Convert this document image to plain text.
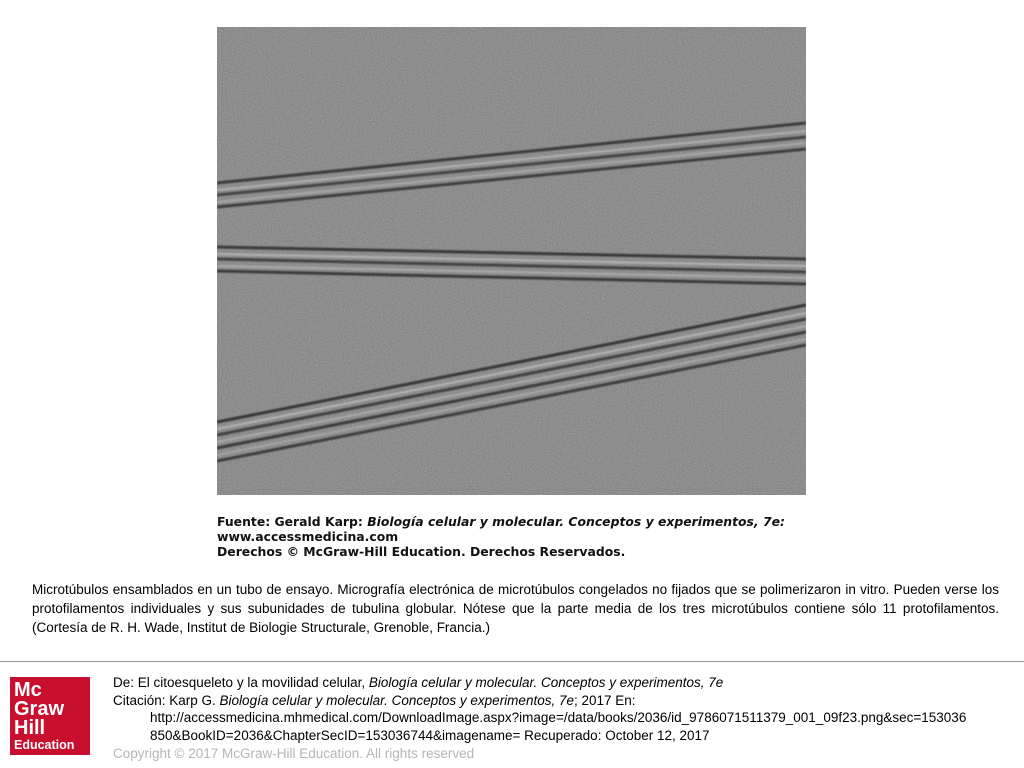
Fuente: Gerald Karp: Biología celular y molecular. Conceptos y experimentos, 7e:
www.accessmedicina.com
Derechos © McGraw-Hill Education. Derechos Reservados.
Microtúbulos ensamblados en un tubo de ensayo. Micrografía electrónica de microtúbulos congelados no fijados que se polimerizaron in vitro. Pueden verse los protofilamentos individuales y sus subunidades de tubulina globular. Nótese que la parte media de los tres microtúbulos contiene sólo 11 protofilamentos. (Cortesía de R. H. Wade, Institut de Biologie Structurale, Grenoble, Francia.)
Mc
Graw
Hill
Education
De: El citoesqueleto y la movilidad celular, Biología celular y molecular. Conceptos y experimentos, 7e
Citación: Karp G. Biología celular y molecular. Conceptos y experimentos, 7e; 2017 En:
http://accessmedicina.mhmedical.com/DownloadImage.aspx?image=/data/books/2036/id_9786071511379_001_09f23.png&sec=153036
850&BookID=2036&ChapterSecID=153036744&imagename= Recuperado: October 12, 2017
Copyright © 2017 McGraw-Hill Education. All rights reserved
